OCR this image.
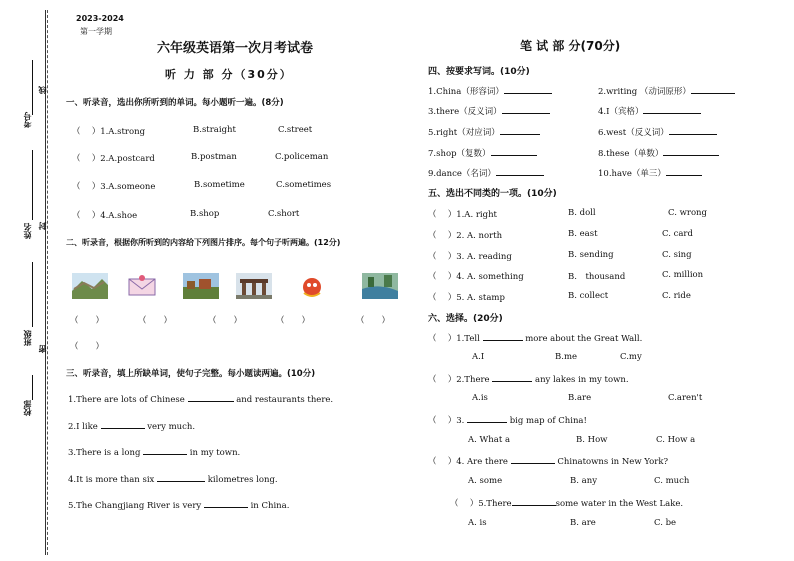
考号
线
姓名 封
班级
密
校部
2023-2024
第一学期
六年级英语第一次月考试卷
听 力 部 分（30分）
笔 试 部 分(70分)
一、听录音，选出你所听到的单词。每小题听一遍。(8分)
（　 ）1.A.strong	B.straight	C.street
（　 ）2.A.postcard	B.postman	C.policeman
（　 ）3.A.someone	B.sometime	C.sometimes
（　 ）4.A.shoe	B.shop	C.short
二、听录音，根据你所听到的内容给下列图片排序。每个句子听两遍。(12分)
（　　）	（　　）	（　　）	（　　）	（　　）
（　　）
三、听录音，填上所缺单词，使句子完整。每小题读两遍。(10分)
1.There are lots of Chinese	and restaurants there.
2.I like	very much.
3.There is a long	in my town.
4.It is more than six	kilometres long.
5.The Changjiang River is very	in China.
四、按要求写词。(10分)
1.China（形容词）	2.writing （动词原形）
3.there（反义词）	4.I（宾格）
5.right（对应词）	6.west（反义词）
7.shop（复数）	8.these（单数）
9.dance（名词）	10.have（单三）
五、选出不同类的一项。(10分)
（　 ）1.A. right	B. doll	C. wrong
（　 ）2. A. north	B. east	C. card
（　 ）3. A. reading	B. sending	C. sing
（　 ）4. A. something	B.　thousand	C. million
（　 ）5. A. stamp	B. collect	C. ride
六、选择。(20分)
（　 ）1.Tell	more about the Great Wall.
A.I	B.me	C.my
（　 ）2.There	any lakes in my town.
A.is	B.are	C.aren't
（　 ）3.	big map of China!
A. What a	B. How	C. How a
（　 ）4. Are there	Chinatowns in New York?
A. some	B. any	C. much
（　 ）5.There	some water in the West Lake.
A. is	B. are	C. be
